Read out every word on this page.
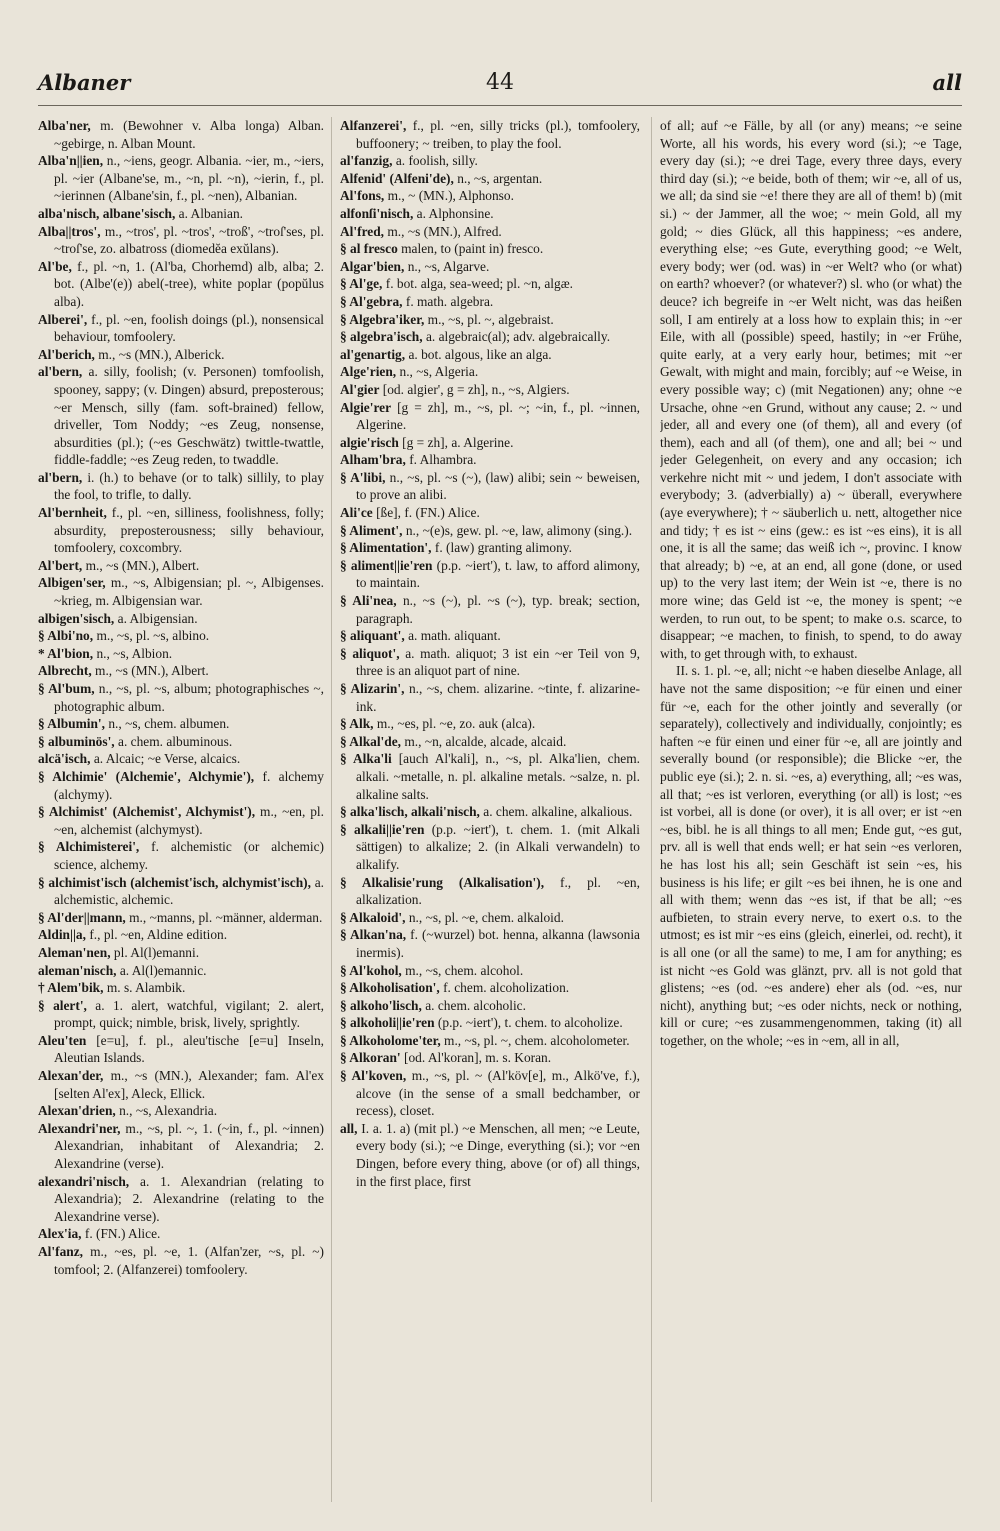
Albaner	44	all

Alba'ner, m. (Bewohner v. Alba longa) Alban. ~gebirge, n. Alban Mount.

Alba'n||ien, n., ~iens, geogr. Albania. ~ier, m., ~iers, pl. ~ier (Albane'se, m., ~n, pl. ~n), ~ierin, f., pl. ~ierinnen (Albane'sin, f., pl. ~nen), Albanian.

alba'nisch, albane'sisch, a. Albanian.

Alba||tros', m., ~tros', pl. ~tros', ~troß', ~troſ'ses, pl. ~troſ'se, zo. albatross (diomedĕa exŭlans).

Al'be, f., pl. ~n, 1. (Al'ba, Chorhemd) alb, alba; 2. bot. (Albe'(e)) abel(-tree), white poplar (popŭlus alba).

Alberei', f., pl. ~en, foolish doings (pl.), nonsensical behaviour, tomfoolery.

Al'berich, m., ~s (MN.), Alberick.

al'bern, a. silly, foolish; (v. Personen) tomfoolish, spooney, sappy; (v. Dingen) absurd, preposterous; ~er Mensch, silly (fam. soft-brained) fellow, driveller, Tom Noddy; ~es Zeug, nonsense, absurdities (pl.); (~es Geschwätz) twittle-twattle, fiddle-faddle; ~es Zeug reden, to twaddle.

al'bern, i. (h.) to behave (or to talk) sillily, to play the fool, to trifle, to dally.

Al'bernheit, f., pl. ~en, silliness, foolishness, folly; absurdity, preposterousness; silly behaviour, tomfoolery, coxcombry.

Al'bert, m., ~s (MN.), Albert.

Albigen'ser, m., ~s, Albigensian; pl. ~, Albigenses. ~krieg, m. Albigensian war.

albigen'sisch, a. Albigensian.

§ Albi'no, m., ~s, pl. ~s, albino.

* Al'bion, n., ~s, Albion.

Albrecht, m., ~s (MN.), Albert.

§ Al'bum, n., ~s, pl. ~s, album; photographisches ~, photographic album.

§ Albumin', n., ~s, chem. albumen.

§ albuminös', a. chem. albuminous.

alcä'isch, a. Alcaic; ~e Verse, alcaics.

§ Alchimie' (Alchemie', Alchymie'), f. alchemy (alchymy).

§ Alchimist' (Alchemist', Alchymist'), m., ~en, pl. ~en, alchemist (alchymyst).

§ Alchimisterei', f. alchemistic (or alchemic) science, alchemy.

§ alchimist'isch (alchemist'isch, alchymist'isch), a. alchemistic, alchemic.

§ Al'der||mann, m., ~manns, pl. ~männer, alderman.

Aldin||a, f., pl. ~en, Aldine edition.

Aleman'nen, pl. Al(l)emanni.

aleman'nisch, a. Al(l)emannic.

† Alem'bik, m. s. Alambik.

§ alert', a. 1. alert, watchful, vigilant; 2. alert, prompt, quick; nimble, brisk, lively, sprightly.

Aleu'ten [e=u], f. pl., aleu'tische [e=u] Inseln, Aleutian Islands.

Alexan'der, m., ~s (MN.), Alexander; fam. Al'ex [selten Al'ex], Aleck, Ellick.

Alexan'drien, n., ~s, Alexandria.

Alexandri'ner, m., ~s, pl. ~, 1. (~in, f., pl. ~innen) Alexandrian, inhabitant of Alexandria; 2. Alexandrine (verse).

alexandri'nisch, a. 1. Alexandrian (relating to Alexandria); 2. Alexandrine (relating to the Alexandrine verse).

Alex'ia, f. (FN.) Alice.

Al'fanz, m., ~es, pl. ~e, 1. (Alfan'zer, ~s, pl. ~) tomfool; 2. (Alfanzerei) tomfoolery.

Alfanzerei', f., pl. ~en, silly tricks (pl.), tomfoolery, buffoonery; ~ treiben, to play the fool.

al'fanzig, a. foolish, silly.

Alfenid' (Alfeni'de), n., ~s, argentan.

Al'fons, m., ~ (MN.), Alphonso.

alfonſi'nisch, a. Alphonsine.

Al'fred, m., ~s (MN.), Alfred.

§ al fresco malen, to (paint in) fresco.

Algar'bien, n., ~s, Algarve.

§ Al'ge, f. bot. alga, sea-weed; pl. ~n, algæ.

§ Al'gebra, f. math. algebra.

§ Algebra'iker, m., ~s, pl. ~, algebraist.

§ algebra'isch, a. algebraic(al); adv. algebraically.

al'genartig, a. bot. algous, like an alga.

Alge'rien, n., ~s, Algeria.

Al'gier [od. algier', g = zh], n., ~s, Algiers.

Algie'rer [g = zh], m., ~s, pl. ~; ~in, f., pl. ~innen, Algerine.

algie'risch [g = zh], a. Algerine.

Alham'bra, f. Alhambra.

§ A'libi, n., ~s, pl. ~s (~), (law) alibi; sein ~ beweisen, to prove an alibi.

Ali'ce [ße], f. (FN.) Alice.

§ Aliment', n., ~(e)s, gew. pl. ~e, law, alimony (sing.).

§ Alimentation', f. (law) granting alimony.

§ aliment||ie'ren (p.p. ~iert'), t. law, to afford alimony, to maintain.

§ Ali'nea, n., ~s (~), pl. ~s (~), typ. break; section, paragraph.

§ aliquant', a. math. aliquant.

§ aliquot', a. math. aliquot; 3 ist ein ~er Teil von 9, three is an aliquot part of nine.

§ Alizarin', n., ~s, chem. alizarine. ~tinte, f. alizarine-ink.

§ Alk, m., ~es, pl. ~e, zo. auk (alca).

§ Alkal'de, m., ~n, alcalde, alcade, alcaid.

§ Alka'li [auch Al'kali], n., ~s, pl. Alka'lien, chem. alkali. ~metalle, n. pl. alkaline metals. ~salze, n. pl. alkaline salts.

§ alka'lisch, alkali'nisch, a. chem. alkaline, alkalious.

§ alkali||ie'ren (p.p. ~iert'), t. chem. 1. (mit Alkali sättigen) to alkalize; 2. (in Alkali verwandeln) to alkalify.

§ Alkalisie'rung (Alkalisation'), f., pl. ~en, alkalization.

§ Alkaloid', n., ~s, pl. ~e, chem. alkaloid.

§ Alkan'na, f. (~wurzel) bot. henna, alkanna (lawsonia inermis).

§ Al'kohol, m., ~s, chem. alcohol.

§ Alkoholisation', f. chem. alcoholization.

§ alkoho'lisch, a. chem. alcoholic.

§ alkoholi||ie'ren (p.p. ~iert'), t. chem. to alcoholize.

§ Alkoholome'ter, m., ~s, pl. ~, chem. alcoholometer.

§ Alkoran' [od. Al'koran], m. s. Koran.

§ Al'koven, m., ~s, pl. ~ (Al'köv[e], m., Alkö've, f.), alcove (in the sense of a small bedchamber, or recess), closet.

all, I. a. 1. a) (mit pl.) ~e Menschen, all men; ~e Leute, every body (si.); ~e Dinge, everything (si.); vor ~en Dingen, before every thing, above (or of) all things, in the first place, first

of all; auf ~e Fälle, by all (or any) means; ~e seine Worte, all his words, his every word (si.); ~e Tage, every day (si.); ~e drei Tage, every three days, every third day (si.); ~e beide, both of them; wir ~e, all of us, we all; da sind sie ~e! there they are all of them! b) (mit si.) ~ der Jammer, all the woe; ~ mein Gold, all my gold; ~ dies Glück, all this happiness; ~es andere, everything else; ~es Gute, everything good; ~e Welt, every body; wer (od. was) in ~er Welt? who (or what) on earth? whoever? (or whatever?) sl. who (or what) the deuce? ich begreife in ~er Welt nicht, was das heißen soll, I am entirely at a loss how to explain this; in ~er Eile, with all (possible) speed, hastily; in ~er Frühe, quite early, at a very early hour, betimes; mit ~er Gewalt, with might and main, forcibly; auf ~e Weise, in every possible way; c) (mit Negationen) any; ohne ~e Ursache, ohne ~en Grund, without any cause; 2. ~ und jeder, all and every one (of them), all and every (of them), each and all (of them), one and all; bei ~ und jeder Gelegenheit, on every and any occasion; ich verkehre nicht mit ~ und jedem, I don't associate with everybody; 3. (adverbially) a) ~ überall, everywhere (aye everywhere); † ~ säuberlich u. nett, altogether nice and tidy; † es ist ~ eins (gew.: es ist ~es eins), it is all one, it is all the same; das weiß ich ~, provinc. I know that already; b) ~e, at an end, all gone (done, or used up) to the very last item; der Wein ist ~e, there is no more wine; das Geld ist ~e, the money is spent; ~e werden, to run out, to be spent; to make o.s. scarce, to disappear; ~e machen, to finish, to spend, to do away with, to get through with, to exhaust.

II. s. 1. pl. ~e, all; nicht ~e haben dieselbe Anlage, all have not the same disposition; ~e für einen und einer für ~e, each for the other jointly and severally (or separately), collectively and individually, conjointly; es haften ~e für einen und einer für ~e, all are jointly and severally bound (or responsible); die Blicke ~er, the public eye (si.); 2. n. si. ~es, a) everything, all; ~es was, all that; ~es ist verloren, everything (or all) is lost; ~es ist vorbei, all is done (or over), it is all over; er ist ~en ~es, bibl. he is all things to all men; Ende gut, ~es gut, prv. all is well that ends well; er hat sein ~es verloren, he has lost his all; sein Geschäft ist sein ~es, his business is his life; er gilt ~es bei ihnen, he is one and all with them; wenn das ~es ist, if that be all; ~es aufbieten, to strain every nerve, to exert o.s. to the utmost; es ist mir ~es eins (gleich, einerlei, od. recht), it is all one (or all the same) to me, I am for anything; es ist nicht ~es Gold was glänzt, prv. all is not gold that glistens; ~es (od. ~es andere) eher als (od. ~es, nur nicht), anything but; ~es oder nichts, neck or nothing, kill or cure; ~es zusammengenommen, taking (it) all together, on the whole; ~es in ~em, all in all,
